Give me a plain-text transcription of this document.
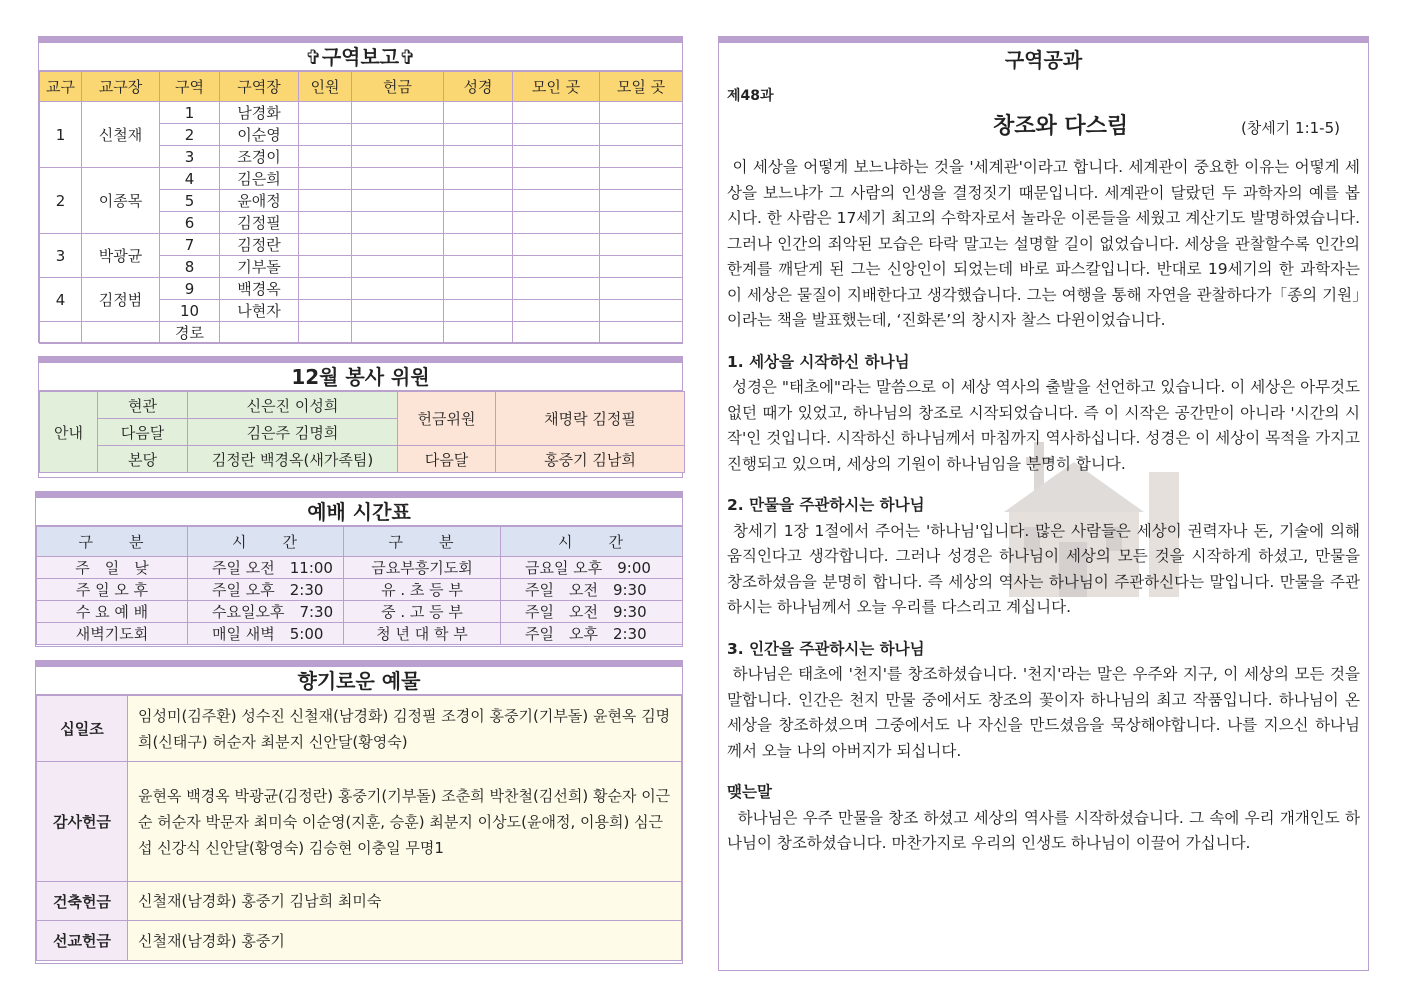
✞구역보고✞
교구	교구장	구역	구역장	인원	헌금	성경	모인 곳	모일 곳
1	신철재	1	남경화					
		2	이순영					
		3	조경이					
2	이종목	4	김은희					
		5	윤애정					
		6	김정필					
3	박광균	7	김정란					
		8	기부돌					
4	김정범	9	백경옥					
		10	나현자					
		경로						
12월 봉사 위원
안내	현관	신은진 이성희	헌금위원	채명락 김정필
	다음달	김은주 김명희		
	본당	김정란 백경옥(새가족팀)	다음달	홍중기 김남희
예배 시간표
구　　분	시　　간	구　　분	시　　간
주　일　낮	주일 오전　11:00	금요부흥기도회	금요일 오후　9:00
주 일 오 후	주일 오후　2:30	유 . 초 등 부	주일　오전　9:30
수 요 예 배	수요일오후　7:30	중 . 고 등 부	주일　오전　9:30
새벽기도회	매일 새벽　5:00	청 년 대 학 부	주일　오후　2:30
향기로운 예물
십일조	임성미(김주환) 성수진 신철재(남경화) 김정필 조경이 홍중기(기부돌) 윤현옥 김명희(신태구) 허순자 최분지 신안달(황영숙)
감사헌금	윤현옥 백경옥 박광균(김정란) 홍중기(기부돌) 조춘희 박찬철(김선희) 황순자 이근순 허순자 박문자 최미숙 이순영(지훈, 승훈) 최분지 이상도(윤애정, 이용희) 심근섭 신강식 신안달(황영숙) 김승현 이충일 무명1
건축헌금	신철재(남경화) 홍중기 김남희 최미숙
선교헌금	신철재(남경화) 홍중기
구역공과
제48과
창조와 다스림	(창세기 1:1-5)
이 세상을 어떻게 보느냐하는 것을 '세계관'이라고 합니다. 세계관이 중요한 이유는 어떻게 세상을 보느냐가 그 사람의 인생을 결정짓기 때문입니다. 세계관이 달랐던 두 과학자의 예를 봅시다. 한 사람은 17세기 최고의 수학자로서 놀라운 이론들을 세웠고 계산기도 발명하였습니다. 그러나 인간의 죄악된 모습은 타락 말고는 설명할 길이 없었습니다. 세상을 관찰할수록 인간의 한계를 깨닫게 된 그는 신앙인이 되었는데 바로 파스칼입니다. 반대로 19세기의 한 과학자는 이 세상은 물질이 지배한다고 생각했습니다. 그는 여행을 통해 자연을 관찰하다가「종의 기원」이라는 책을 발표했는데, ‘진화론’의 창시자 찰스 다윈이었습니다.
1. 세상을 시작하신 하나님
성경은 "태초에"라는 말씀으로 이 세상 역사의 출발을 선언하고 있습니다. 이 세상은 아무것도 없던 때가 있었고, 하나님의 창조로 시작되었습니다. 즉 이 시작은 공간만이 아니라 '시간의 시작'인 것입니다. 시작하신 하나님께서 마침까지 역사하십니다. 성경은 이 세상이 목적을 가지고 진행되고 있으며, 세상의 기원이 하나님임을 분명히 합니다.
2. 만물을 주관하시는 하나님
창세기 1장 1절에서 주어는 '하나님'입니다. 많은 사람들은 세상이 권력자나 돈, 기술에 의해 움직인다고 생각합니다. 그러나 성경은 하나님이 세상의 모든 것을 시작하게 하셨고, 만물을 창조하셨음을 분명히 합니다. 즉 세상의 역사는 하나님이 주관하신다는 말입니다. 만물을 주관하시는 하나님께서 오늘 우리를 다스리고 계십니다.
3. 인간을 주관하시는 하나님
하나님은 태초에 '천지'를 창조하셨습니다. '천지'라는 말은 우주와 지구, 이 세상의 모든 것을 말합니다. 인간은 천지 만물 중에서도 창조의 꽃이자 하나님의 최고 작품입니다. 하나님이 온 세상을 창조하셨으며 그중에서도 나 자신을 만드셨음을 묵상해야합니다. 나를 지으신 하나님께서 오늘 나의 아버지가 되십니다.
맺는말
하나님은 우주 만물을 창조 하셨고 세상의 역사를 시작하셨습니다. 그 속에 우리 개개인도 하나님이 창조하셨습니다. 마찬가지로 우리의 인생도 하나님이 이끌어 가십니다.
